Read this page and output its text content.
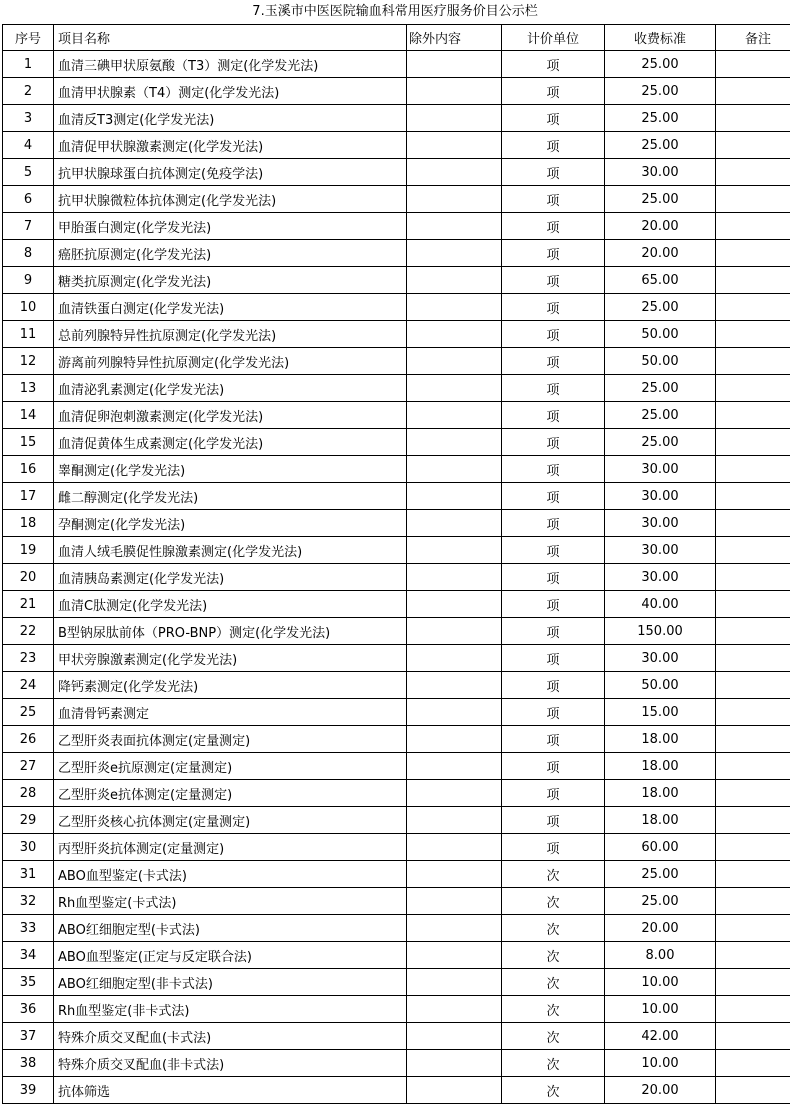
7.玉溪市中医医院输血科常用医疗服务价目公示栏
序号	项目名称	除外内容	计价单位	收费标准	备注
1	血清三碘甲状原氨酸（T3）测定(化学发光法)		项	25.00	
2	血清甲状腺素（T4）测定(化学发光法)		项	25.00	
3	血清反T3测定(化学发光法)		项	25.00	
4	血清促甲状腺激素测定(化学发光法)		项	25.00	
5	抗甲状腺球蛋白抗体测定(免疫学法)		项	30.00	
6	抗甲状腺微粒体抗体测定(化学发光法)		项	25.00	
7	甲胎蛋白测定(化学发光法)		项	20.00	
8	癌胚抗原测定(化学发光法)		项	20.00	
9	糖类抗原测定(化学发光法)		项	65.00	
10	血清铁蛋白测定(化学发光法)		项	25.00	
11	总前列腺特异性抗原测定(化学发光法)		项	50.00	
12	游离前列腺特异性抗原测定(化学发光法)		项	50.00	
13	血清泌乳素测定(化学发光法)		项	25.00	
14	血清促卵泡刺激素测定(化学发光法)		项	25.00	
15	血清促黄体生成素测定(化学发光法)		项	25.00	
16	睾酮测定(化学发光法)		项	30.00	
17	雌二醇测定(化学发光法)		项	30.00	
18	孕酮测定(化学发光法)		项	30.00	
19	血清人绒毛膜促性腺激素测定(化学发光法)		项	30.00	
20	血清胰岛素测定(化学发光法)		项	30.00	
21	血清C肽测定(化学发光法)		项	40.00	
22	B型钠尿肽前体（PRO-BNP）测定(化学发光法)		项	150.00	
23	甲状旁腺激素测定(化学发光法)		项	30.00	
24	降钙素测定(化学发光法)		项	50.00	
25	血清骨钙素测定		项	15.00	
26	乙型肝炎表面抗体测定(定量测定)		项	18.00	
27	乙型肝炎e抗原测定(定量测定)		项	18.00	
28	乙型肝炎e抗体测定(定量测定)		项	18.00	
29	乙型肝炎核心抗体测定(定量测定)		项	18.00	
30	丙型肝炎抗体测定(定量测定)		项	60.00	
31	ABO血型鉴定(卡式法)		次	25.00	
32	Rh血型鉴定(卡式法)		次	25.00	
33	ABO红细胞定型(卡式法)		次	20.00	
34	ABO血型鉴定(正定与反定联合法)		次	8.00	
35	ABO红细胞定型(非卡式法)		次	10.00	
36	Rh血型鉴定(非卡式法)		次	10.00	
37	特殊介质交叉配血(卡式法)		次	42.00	
38	特殊介质交叉配血(非卡式法)		次	10.00	
39	抗体筛选		次	20.00	
